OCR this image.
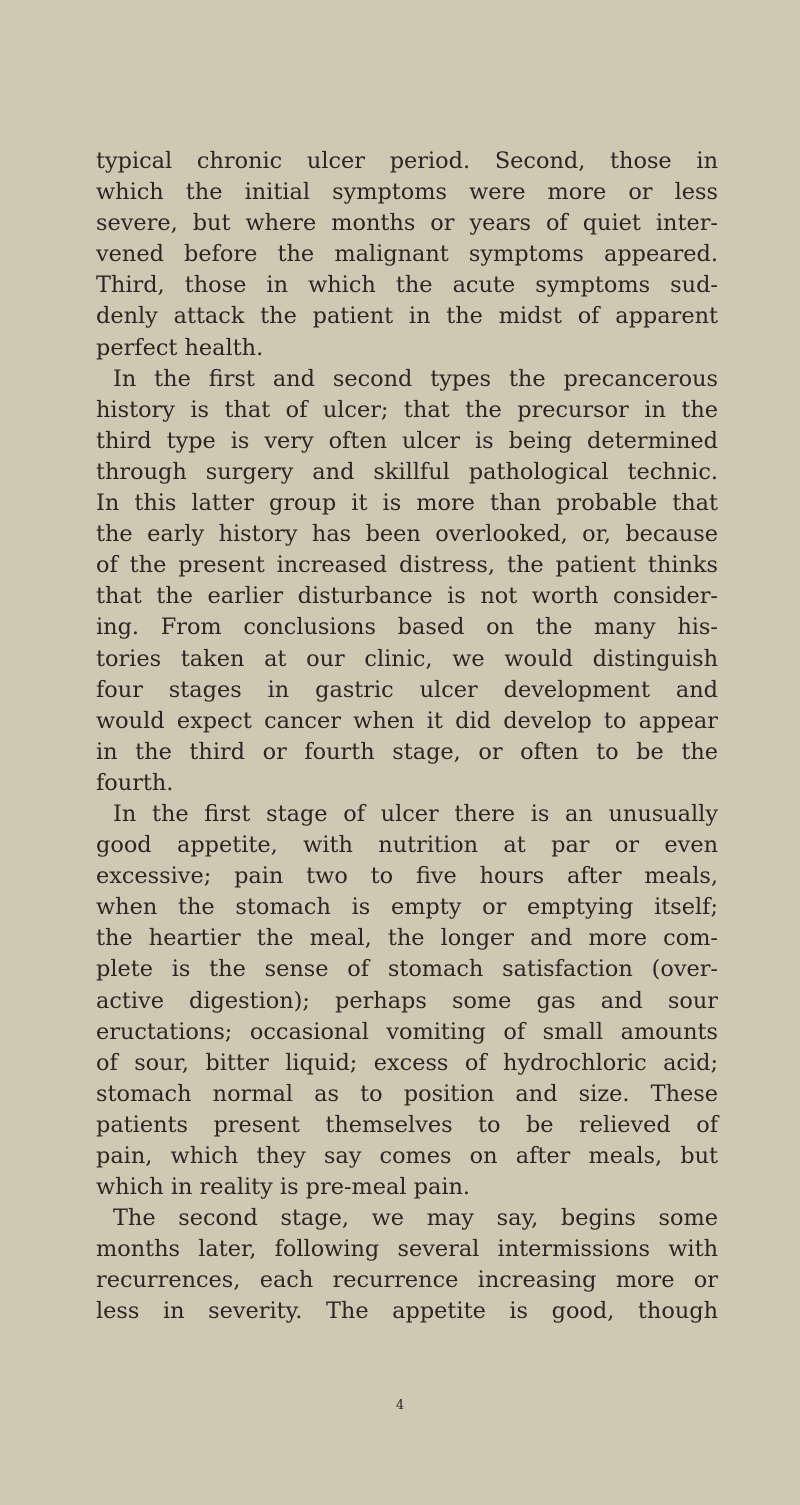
typical chronic ulcer period. Second, those in
which the initial symptoms were more or less
severe, but where months or years of quiet inter-
vened before the malignant symptoms appeared.
Third, those in which the acute symptoms sud-
denly attack the patient in the midst of apparent
perfect health.
In the first and second types the precancerous
history is that of ulcer; that the precursor in the
third type is very often ulcer is being determined
through surgery and skillful pathological technic.
In this latter group it is more than probable that
the early history has been overlooked, or, because
of the present increased distress, the patient thinks
that the earlier disturbance is not worth consider-
ing. From conclusions based on the many his-
tories taken at our clinic, we would distinguish
four stages in gastric ulcer development and
would expect cancer when it did develop to appear
in the third or fourth stage, or often to be the
fourth.
In the first stage of ulcer there is an unusually
good appetite, with nutrition at par or even
excessive; pain two to five hours after meals,
when the stomach is empty or emptying itself;
the heartier the meal, the longer and more com-
plete is the sense of stomach satisfaction (over-
active digestion); perhaps some gas and sour
eructations; occasional vomiting of small amounts
of sour, bitter liquid; excess of hydrochloric acid;
stomach normal as to position and size. These
patients present themselves to be relieved of
pain, which they say comes on after meals, but
which in reality is pre-meal pain.
The second stage, we may say, begins some
months later, following several intermissions with
recurrences, each recurrence increasing more or
less in severity. The appetite is good, though
4
